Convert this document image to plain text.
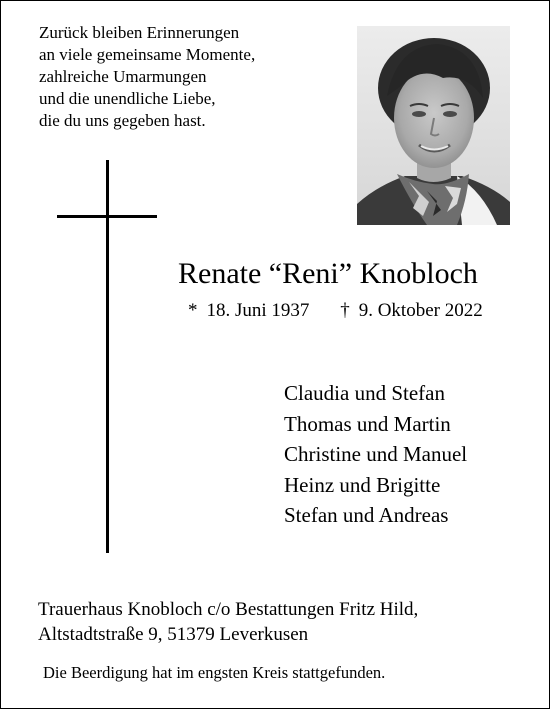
Zurück bleiben Erinnerungen
an viele gemeinsame Momente,
zahlreiche Umarmungen
und die unendliche Liebe,
die du uns gegeben hast.
Renate “Reni” Knobloch
* 18. Juni 1937 † 9. Oktober 2022
Claudia und Stefan
Thomas und Martin
Christine und Manuel
Heinz und Brigitte
Stefan und Andreas
Trauerhaus Knobloch c/o Bestattungen Fritz Hild,
Altstadtstraße 9, 51379 Leverkusen
Die Beerdigung hat im engsten Kreis stattgefunden.
